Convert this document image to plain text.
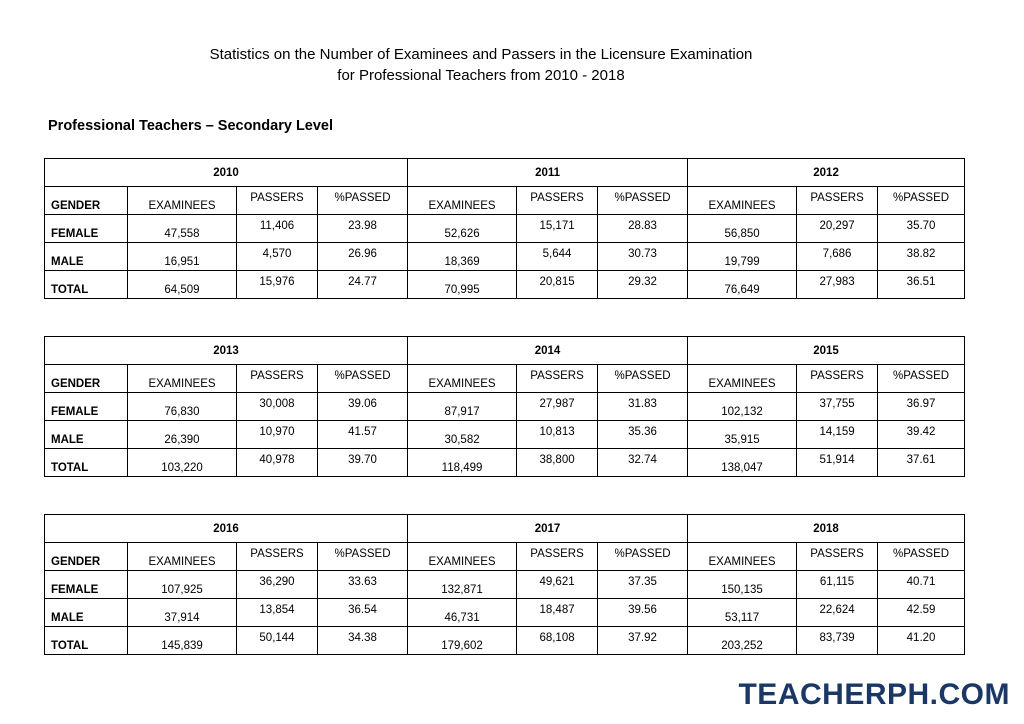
Statistics on the Number of Examinees and Passers in the Licensure Examination
for Professional Teachers from 2010 - 2018
Professional Teachers – Secondary Level
2010				2011			2012		
GENDER	EXAMINEES	PASSERS	%PASSED	EXAMINEES	PASSERS	%PASSED	EXAMINEES	PASSERS	%PASSED
FEMALE	47,558	11,406	23.98	52,626	15,171	28.83	56,850	20,297	35.70
MALE	16,951	4,570	26.96	18,369	5,644	30.73	19,799	7,686	38.82
TOTAL	64,509	15,976	24.77	70,995	20,815	29.32	76,649	27,983	36.51
2013				2014			2015		
GENDER	EXAMINEES	PASSERS	%PASSED	EXAMINEES	PASSERS	%PASSED	EXAMINEES	PASSERS	%PASSED
FEMALE	76,830	30,008	39.06	87,917	27,987	31.83	102,132	37,755	36.97
MALE	26,390	10,970	41.57	30,582	10,813	35.36	35,915	14,159	39.42
TOTAL	103,220	40,978	39.70	118,499	38,800	32.74	138,047	51,914	37.61
2016				2017			2018		
GENDER	EXAMINEES	PASSERS	%PASSED	EXAMINEES	PASSERS	%PASSED	EXAMINEES	PASSERS	%PASSED
FEMALE	107,925	36,290	33.63	132,871	49,621	37.35	150,135	61,115	40.71
MALE	37,914	13,854	36.54	46,731	18,487	39.56	53,117	22,624	42.59
TOTAL	145,839	50,144	34.38	179,602	68,108	37.92	203,252	83,739	41.20
TEACHERPH.COM
